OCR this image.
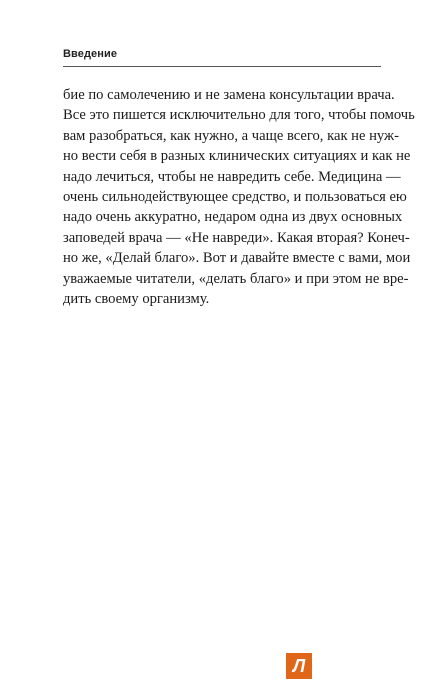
Введение
бие по самолечению и не замена консультации врача.
Все это пишется исключительно для того, чтобы помочь
вам разобраться, как нужно, а чаще всего, как не нуж-
но вести себя в разных клинических ситуациях и как не
надо лечиться, чтобы не навредить себе. Медицина —
очень сильнодействующее средство, и пользоваться ею
надо очень аккуратно, недаром одна из двух основных
заповедей врача — «Не навреди». Какая вторая? Конеч-
но же, «Делай благо». Вот и давайте вместе с вами, мои
уважаемые читатели, «делать благо» и при этом не вре-
дить своему организму.
Л
